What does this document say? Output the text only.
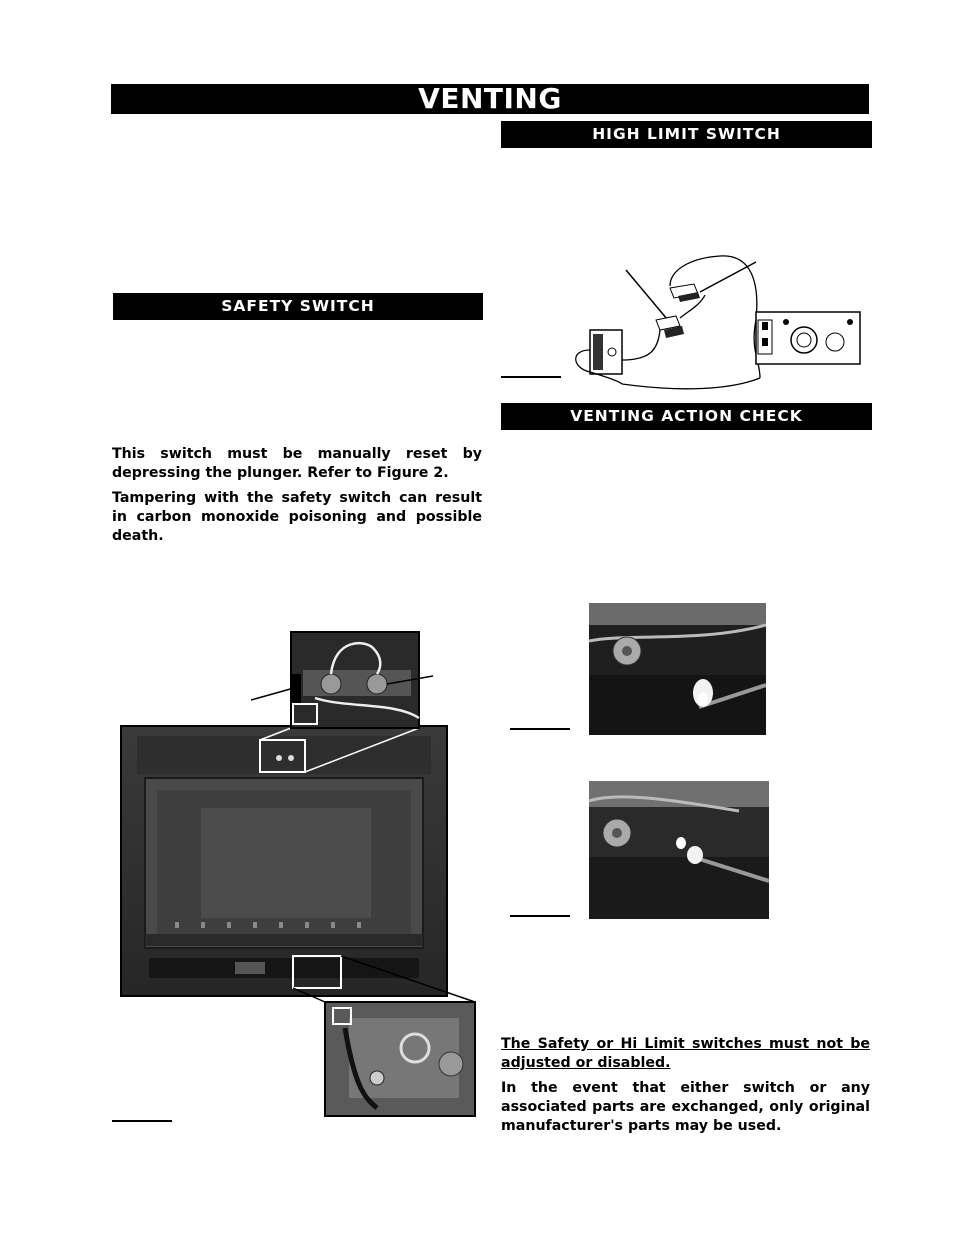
VENTING
HIGH LIMIT SWITCH
SAFETY SWITCH

This switch must be manually reset by depressing the plunger. Refer to Figure 2.

Tampering with the safety switch can result in carbon monoxide poisoning and possible death.

VENTING ACTION CHECK

The Safety or Hi Limit switches must not be adjusted or disabled.

In the event that either switch or any associated parts are exchanged, only original manufacturer's parts may be used.
